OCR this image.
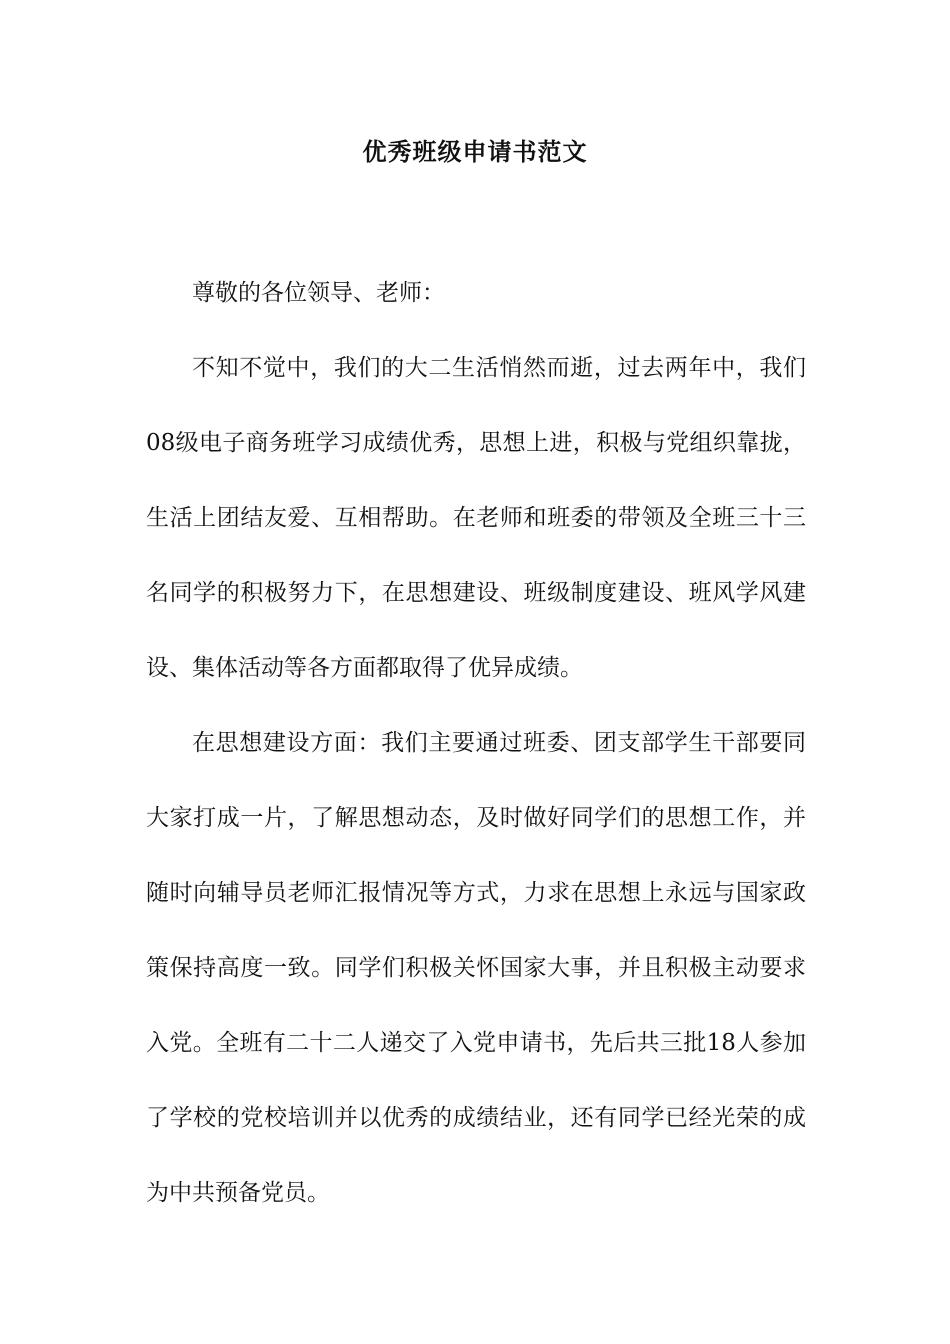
优秀班级申请书范文

尊敬的各位领导、老师：

不知不觉中，我们的大二生活悄然而逝，过去两年中，我们08级电子商务班学习成绩优秀，思想上进，积极与党组织靠拢，生活上团结友爱、互相帮助。在老师和班委的带领及全班三十三名同学的积极努力下，在思想建设、班级制度建设、班风学风建设、集体活动等各方面都取得了优异成绩。

在思想建设方面：我们主要通过班委、团支部学生干部要同大家打成一片，了解思想动态，及时做好同学们的思想工作，并随时向辅导员老师汇报情况等方式，力求在思想上永远与国家政策保持高度一致。同学们积极关怀国家大事，并且积极主动要求入党。全班有二十二人递交了入党申请书，先后共三批18人参加了学校的党校培训并以优秀的成绩结业，还有同学已经光荣的成为中共预备党员。
